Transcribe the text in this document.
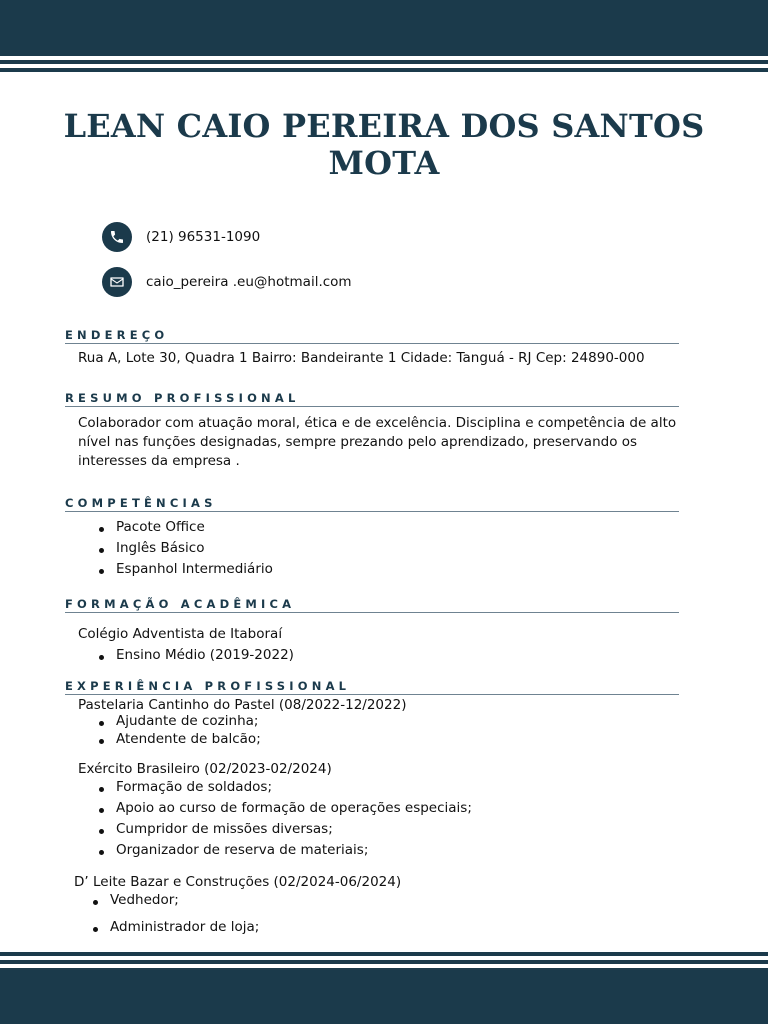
LEAN CAIO PEREIRA DOS SANTOS MOTA
(21) 96531-1090
caio_pereira .eu@hotmail.com
ENDEREÇO
Rua A, Lote 30, Quadra 1 Bairro: Bandeirante 1 Cidade: Tanguá - RJ Cep: 24890-000
RESUMO PROFISSIONAL
Colaborador com atuação moral, ética e de excelência. Disciplina e competência de alto nível nas funções designadas, sempre prezando pelo aprendizado, preservando os interesses da empresa .
COMPETÊNCIAS
Pacote Office
Inglês Básico
Espanhol Intermediário
FORMAÇÃO ACADÊMICA
Colégio Adventista de Itaboraí
Ensino Médio (2019-2022)
EXPERIÊNCIA PROFISSIONAL
Pastelaria Cantinho do Pastel (08/2022-12/2022)
Ajudante de cozinha;
Atendente de balcão;
Exército Brasileiro (02/2023-02/2024)
Formação de soldados;
Apoio ao curso de formação de operações especiais;
Cumpridor de missões diversas;
Organizador de reserva de materiais;
D’ Leite Bazar e Construções (02/2024-06/2024)
Vedhedor;
Administrador de loja;
